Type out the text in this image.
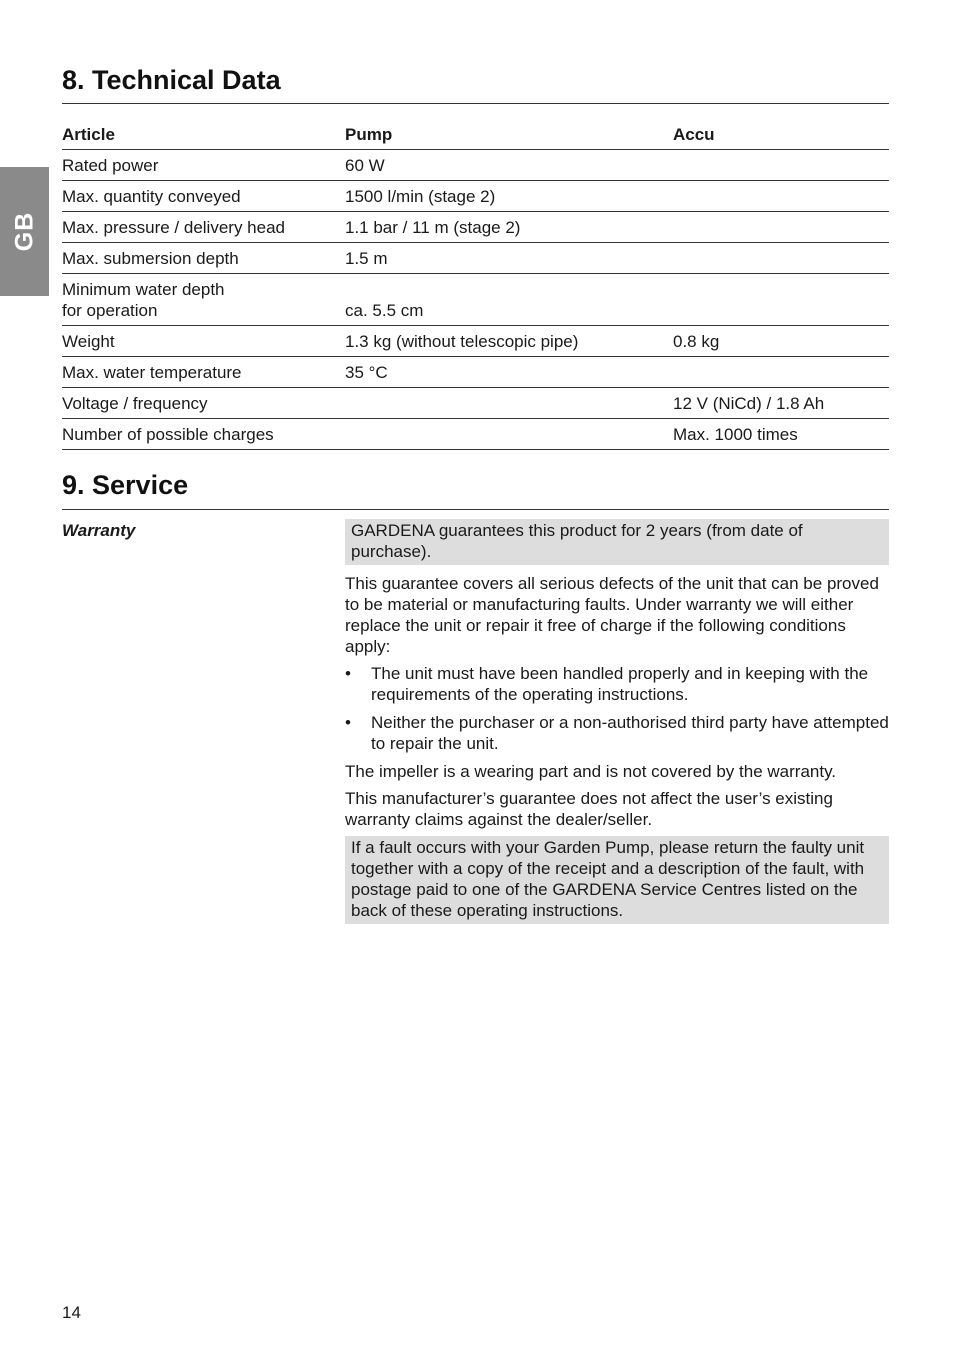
GB
8. Technical Data
Article	Pump	Accu
Rated power	60 W	
Max. quantity conveyed	1500 l/min (stage 2)	
Max. pressure / delivery head	1.1 bar / 11 m (stage 2)	
Max. submersion depth	1.5 m	

Minimum water depth
for operation	ca. 5.5 cm	
Weight	1.3 kg (without telescopic pipe)	0.8 kg
Max. water temperature	35 °C	
Voltage / frequency		12 V (NiCd) / 1.8 Ah
Number of possible charges		Max. 1000 times
9. Service
Warranty	GARDENA guarantees this product for 2 years (from date of purchase).

This guarantee covers all serious defects of the unit that can be proved to be material or manufacturing faults. Under warranty we will either replace the unit or repair it free of charge if the following conditions apply:

•	The unit must have been handled properly and in keeping with the requirements of the operating instructions.
•	Neither the purchaser or a non-authorised third party have attempted to repair the unit.

The impeller is a wearing part and is not covered by the warranty.

This manufacturer’s guarantee does not affect the user’s existing warranty claims against the dealer/seller.

If a fault occurs with your Garden Pump, please return the faulty unit together with a copy of the receipt and a description of the fault, with postage paid to one of the GARDENA Service Centres listed on the back of these operating instructions.

14
